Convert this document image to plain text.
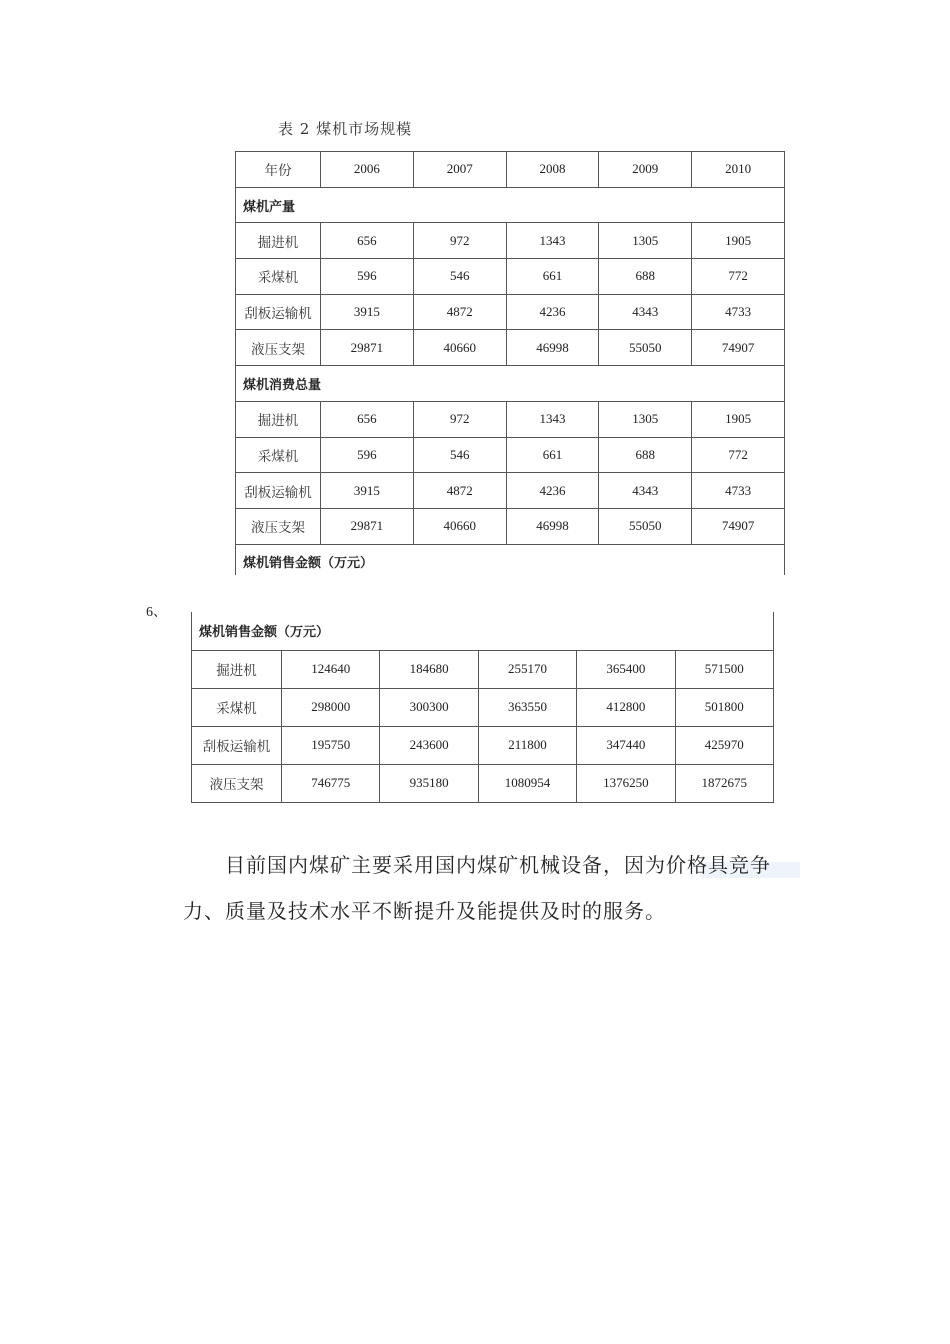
表 2 煤机市场规模
年份	2006	2007	2008	2009	2010
煤机产量					
掘进机	656	972	1343	1305	1905
采煤机	596	546	661	688	772
刮板运输机	3915	4872	4236	4343	4733
液压支架	29871	40660	46998	55050	74907
煤机消费总量					
掘进机	656	972	1343	1305	1905
采煤机	596	546	661	688	772
刮板运输机	3915	4872	4236	4343	4733
液压支架	29871	40660	46998	55050	74907
煤机销售金额（万元）					
6、
煤机销售金额（万元）					
掘进机	124640	184680	255170	365400	571500
采煤机	298000	300300	363550	412800	501800
刮板运输机	195750	243600	211800	347440	425970
液压支架	746775	935180	1080954	1376250	1872675
目前国内煤矿主要采用国内煤矿机械设备，因为价格具竞争力、质量及技术水平不断提升及能提供及时的服务。
